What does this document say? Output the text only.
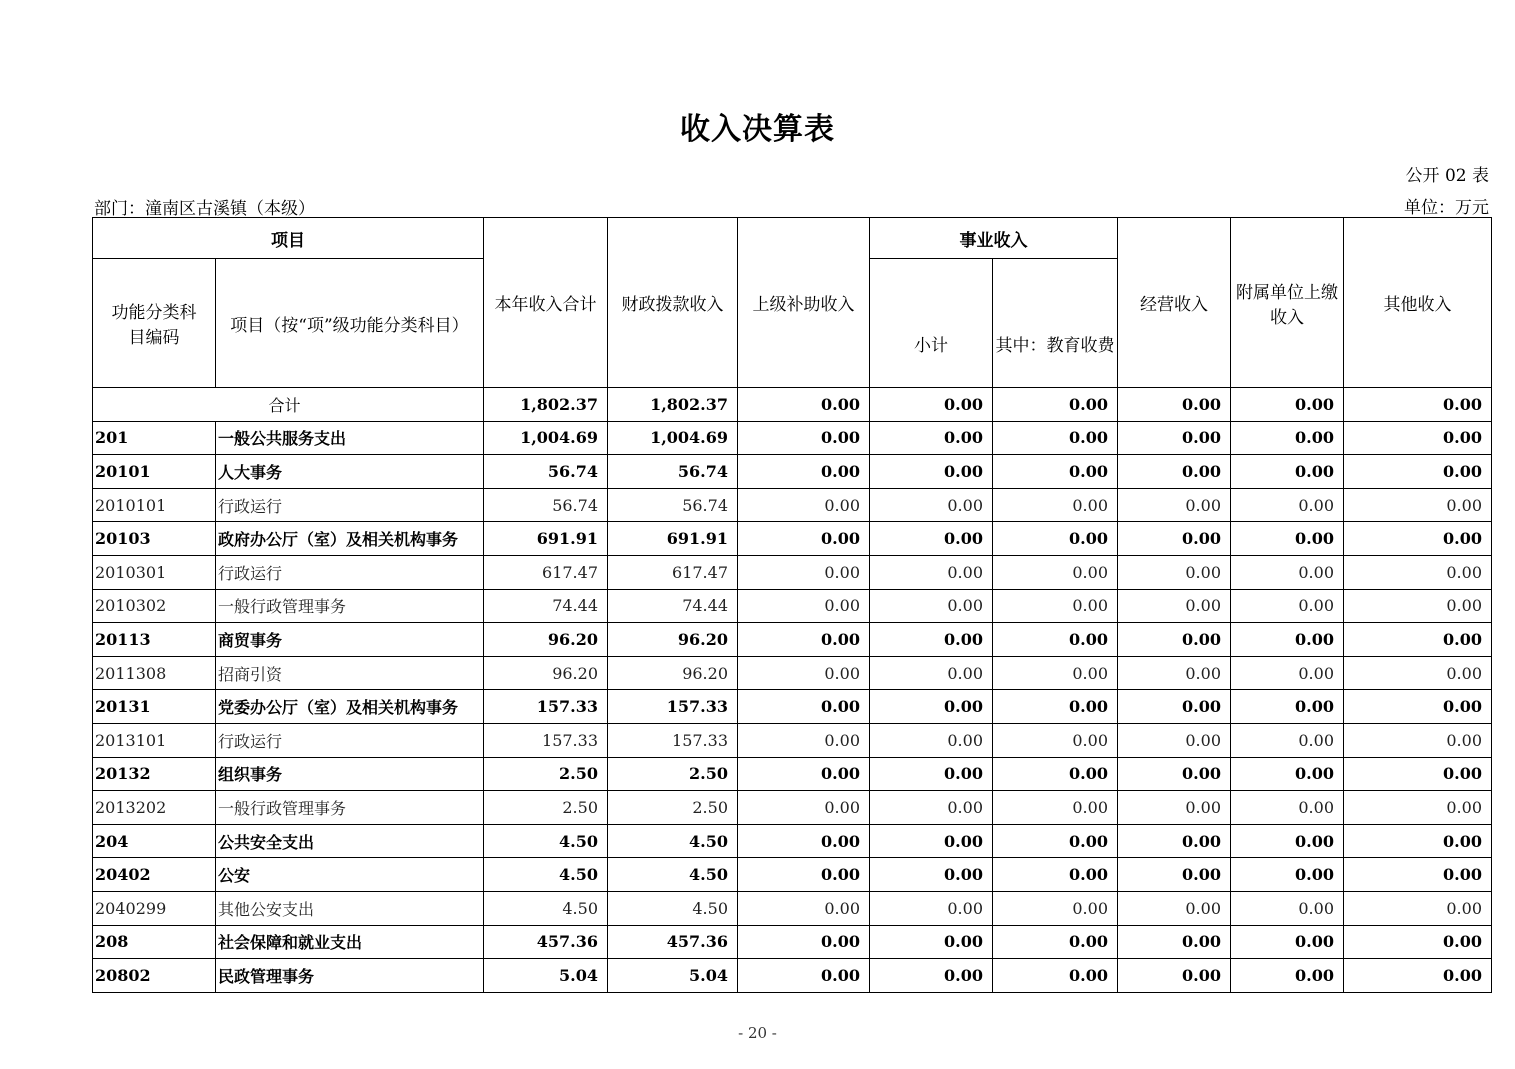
收入决算表
公开 02 表
部门：潼南区古溪镇（本级）	单位：万元
项目		本年收入合计	财政拨款收入	上级补助收入	事业收入		经营收入	附属单位上缴收入	其他收入
功能分类科目编码	项目（按“项”级功能分类科目）				小计	其中：教育收费			
合计		1,802.37	1,802.37	0.00	0.00	0.00	0.00	0.00	0.00
201	一般公共服务支出	1,004.69	1,004.69	0.00	0.00	0.00	0.00	0.00	0.00
20101	人大事务	56.74	56.74	0.00	0.00	0.00	0.00	0.00	0.00
2010101	行政运行	56.74	56.74	0.00	0.00	0.00	0.00	0.00	0.00
20103	政府办公厅（室）及相关机构事务	691.91	691.91	0.00	0.00	0.00	0.00	0.00	0.00
2010301	行政运行	617.47	617.47	0.00	0.00	0.00	0.00	0.00	0.00
2010302	一般行政管理事务	74.44	74.44	0.00	0.00	0.00	0.00	0.00	0.00
20113	商贸事务	96.20	96.20	0.00	0.00	0.00	0.00	0.00	0.00
2011308	招商引资	96.20	96.20	0.00	0.00	0.00	0.00	0.00	0.00
20131	党委办公厅（室）及相关机构事务	157.33	157.33	0.00	0.00	0.00	0.00	0.00	0.00
2013101	行政运行	157.33	157.33	0.00	0.00	0.00	0.00	0.00	0.00
20132	组织事务	2.50	2.50	0.00	0.00	0.00	0.00	0.00	0.00
2013202	一般行政管理事务	2.50	2.50	0.00	0.00	0.00	0.00	0.00	0.00
204	公共安全支出	4.50	4.50	0.00	0.00	0.00	0.00	0.00	0.00
20402	公安	4.50	4.50	0.00	0.00	0.00	0.00	0.00	0.00
2040299	其他公安支出	4.50	4.50	0.00	0.00	0.00	0.00	0.00	0.00
208	社会保障和就业支出	457.36	457.36	0.00	0.00	0.00	0.00	0.00	0.00
20802	民政管理事务	5.04	5.04	0.00	0.00	0.00	0.00	0.00	0.00
- 20 -
